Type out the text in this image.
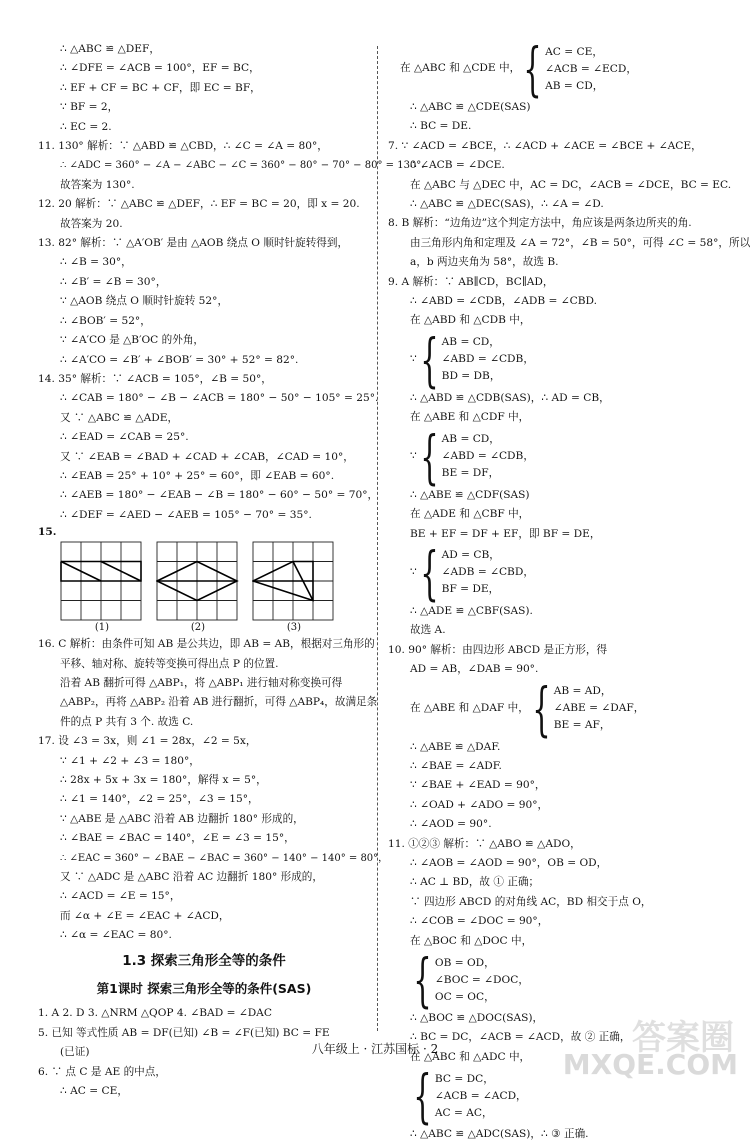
∴ △ABC ≌ △DEF，
∴ ∠DFE = ∠ACB = 100°，EF = BC，
∴ EF + CF = BC + CF，即 EC = BF，
∵ BF = 2，
∴ EC = 2.
11. 130° 解析：∵ △ABD ≌ △CBD，∴ ∠C = ∠A = 80°，
∴ ∠ADC = 360° − ∠A − ∠ABC − ∠C = 360° − 80° − 70° − 80° = 130°.
故答案为 130°.
12. 20 解析：∵ △ABC ≌ △DEF，∴ EF = BC = 20，即 x = 20.
故答案为 20.
13. 82° 解析：∵ △A′OB′ 是由 △AOB 绕点 O 顺时针旋转得到，
∴ ∠B = 30°，
∴ ∠B′ = ∠B = 30°，
∵ △AOB 绕点 O 顺时针旋转 52°，
∴ ∠BOB′ = 52°，
∵ ∠A′CO 是 △B′OC 的外角，
∴ ∠A′CO = ∠B′ + ∠BOB′ = 30° + 52° = 82°.
14. 35° 解析：∵ ∠ACB = 105°，∠B = 50°，
∴ ∠CAB = 180° − ∠B − ∠ACB = 180° − 50° − 105° = 25°.
又 ∵ △ABC ≌ △ADE，
∴ ∠EAD = ∠CAB = 25°.
又 ∵ ∠EAB = ∠BAD + ∠CAD + ∠CAB，∠CAD = 10°，
∴ ∠EAB = 25° + 10° + 25° = 60°，即 ∠EAB = 60°.
∴ ∠AEB = 180° − ∠EAB − ∠B = 180° − 60° − 50° = 70°，
∴ ∠DEF = ∠AED − ∠AEB = 105° − 70° = 35°.
15.
(1)	(2)	(3)
16. C 解析：由条件可知 AB 是公共边，即 AB = AB，根据对三角形的
平移、轴对称、旋转等变换可得出点 P 的位置.
沿着 AB 翻折可得 △ABP₁，将 △ABP₁ 进行轴对称变换可得
△ABP₂，再将 △ABP₂ 沿着 AB 进行翻折，可得 △ABP₄，故满足条
件的点 P 共有 3 个. 故选 C.
17. 设 ∠3 = 3x，则 ∠1 = 28x，∠2 = 5x，
∵ ∠1 + ∠2 + ∠3 = 180°，
∴ 28x + 5x + 3x = 180°，解得 x = 5°，
∴ ∠1 = 140°，∠2 = 25°，∠3 = 15°，
∵ △ABE 是 △ABC 沿着 AB 边翻折 180° 形成的，
∴ ∠BAE = ∠BAC = 140°，∠E = ∠3 = 15°，
∴ ∠EAC = 360° − ∠BAE − ∠BAC = 360° − 140° − 140° = 80°，
又 ∵ △ADC 是 △ABC 沿着 AC 边翻折 180° 形成的，
∴ ∠ACD = ∠E = 15°，
而 ∠α + ∠E = ∠EAC + ∠ACD，
∴ ∠α = ∠EAC = 80°.
1.3 探索三角形全等的条件
第1课时 探索三角形全等的条件(SAS)
1. A 2. D 3. △NRM △QOP 4. ∠BAD = ∠DAC
5. 已知 等式性质 AB = DF(已知) ∠B = ∠F(已知) BC = FE
(已证)
6. ∵ 点 C 是 AE 的中点，
∴ AC = CE，
在 △ABC 和 △CDE 中， { AC = CE，
∠ACB = ∠ECD，
AB = CD，
∴ △ABC ≌ △CDE(SAS)
∴ BC = DE.
7. ∵ ∠ACD = ∠BCE，∴ ∠ACD + ∠ACE = ∠BCE + ∠ACE，
∴ ∠ACB = ∠DCE.
在 △ABC 与 △DEC 中，AC = DC，∠ACB = ∠DCE，BC = EC.
∴ △ABC ≌ △DEC(SAS)，∴ ∠A = ∠D.
8. B 解析：“边角边”这个判定方法中，角应该是两条边所夹的角.
由三角形内角和定理及 ∠A = 72°，∠B = 50°，可得 ∠C = 58°，所以
a，b 两边夹角为 58°，故选 B.
9. A 解析：∵ AB∥CD，BC∥AD，
∴ ∠ABD = ∠CDB，∠ADB = ∠CBD.
在 △ABD 和 △CDB 中，
∵ { AB = CD，
∠ABD = ∠CDB，
BD = DB，
∴ △ABD ≌ △CDB(SAS)，∴ AD = CB，
在 △ABE 和 △CDF 中，
∵ { AB = CD，
∠ABD = ∠CDB，
BE = DF，
∴ △ABE ≌ △CDF(SAS)
在 △ADE 和 △CBF 中，
BE + EF = DF + EF，即 BF = DE，
∵ { AD = CB，
∠ADB = ∠CBD，
BF = DE，
∴ △ADE ≌ △CBF(SAS).
故选 A.
10. 90° 解析：由四边形 ABCD 是正方形，得
AD = AB，∠DAB = 90°.
在 △ABE 和 △DAF 中， { AB = AD，
∠ABE = ∠DAF，
BE = AF，
∴ △ABE ≌ △DAF.
∴ ∠BAE = ∠ADF.
∵ ∠BAE + ∠EAD = 90°，
∴ ∠OAD + ∠ADO = 90°，
∴ ∠AOD = 90°.
11. ①②③ 解析：∵ △ABO ≌ △ADO，
∴ ∠AOB = ∠AOD = 90°，OB = OD，
∴ AC ⊥ BD，故 ① 正确；
∵ 四边形 ABCD 的对角线 AC，BD 相交于点 O，
∴ ∠COB = ∠DOC = 90°，
在 △BOC 和 △DOC 中，
{ OB = OD，
∠BOC = ∠DOC，
OC = OC，
∴ △BOC ≌ △DOC(SAS)，
∴ BC = DC，∠ACB = ∠ACD，故 ② 正确，
在 △ABC 和 △ADC 中，
{ BC = DC，
∠ACB = ∠ACD，
AC = AC，
∴ △ABC ≌ △ADC(SAS)，∴ ③ 正确.
八年级上 · 江苏国标 · 2	答案圈
MXQE.COM
